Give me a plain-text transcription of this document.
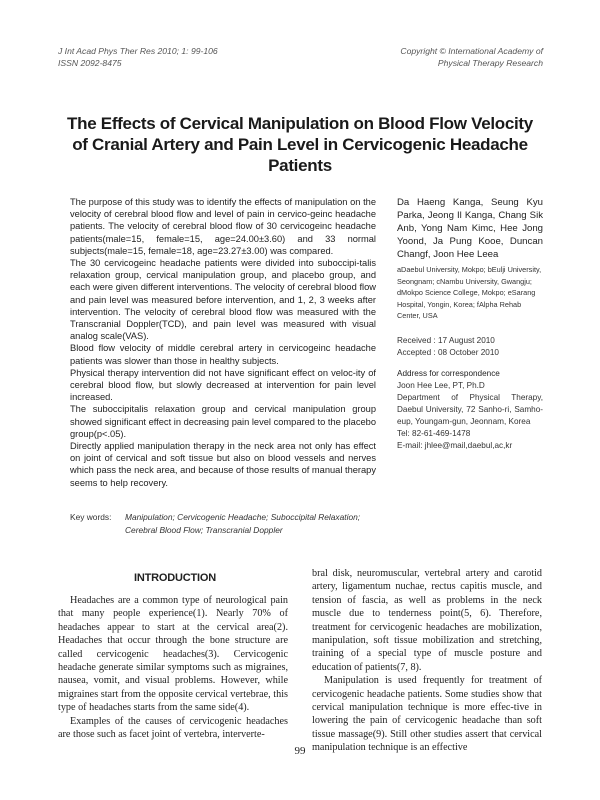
J Int Acad Phys Ther Res 2010; 1: 99-106
ISSN 2092-8475
Copyright © International Academy of
Physical Therapy Research
The Effects of Cervical Manipulation on Blood Flow Velocity of Cranial Artery and Pain Level in Cervicogenic Headache Patients

The purpose of this study was to identify the effects of manipulation on the velocity of cerebral blood flow and level of pain in cervico-geinc headache patients. The velocity of cerebral blood flow of 30 cervicogeinc headache patients(male=15, female=15, age=24.00±3.60) and 33 normal subjects(male=15, female=18, age=23.27±3.00) was compared.

The 30 cervicogeinc headache patients were divided into suboccipi-talis relaxation group, cervical manipulation group, and placebo group, and each were given different interventions. The velocity of cerebral blood flow and pain level was measured before intervention, and 1, 2, 3 weeks after intervention. The velocity of cerebral blood flow was measured with the Transcranial Doppler(TCD), and pain level was measured with visual analog scale(VAS).

Blood flow velocity of middle cerebral artery in cervicogeinc headache patients was slower than those in healthy subjects.

Physical therapy intervention did not have significant effect on veloc-ity of cerebral blood flow, but slowly decreased at intervention for pain level increased.

The suboccipitalis relaxation group and cervical manipulation group showed significant effect in decreasing pain level compared to the placebo group(p<.05).

Directly applied manipulation therapy in the neck area not only has effect on joint of cervical and soft tissue but also on blood vessels and nerves which pass the neck area, and because of those results of manual therapy seems to help recovery.

Da Haeng Kanga, Seung Kyu Parka, Jeong Il Kanga, Chang Sik Anb, Yong Nam Kimc, Hee Jong Yoond, Ja Pung Kooe, Duncan Changf, Joon Hee Leea
aDaebul University, Mokpo; bEulji University, Seongnam; cNambu University, Gwangju; dMokpo Science College, Mokpo; eSarang Hospital, Yongin, Korea; fAlpha Rehab Center, USA
Received : 17 August 2010
Accepted : 08 October 2010
Address for correspondence
Joon Hee Lee, PT, Ph.D
Department of Physical Therapy, Daebul University, 72 Sanho-ri, Samho-eup, Youngam-gun, Jeonnam, Korea
Tel: 82-61-469-1478
E-mail: jhlee@mail,daebul,ac,kr
Key words:	Manipulation; Cervicogenic Headache; Suboccipital Relaxation; Cerebral Blood Flow; Transcranial Doppler
INTRODUCTION

Headaches are a common type of neurological pain that many people experience(1). Nearly 70% of headaches appear to start at the cervical area(2). Headaches that occur through the bone structure are called cervicogenic headaches(3). Cervicogenic headache generate similar symptoms such as migraines, nausea, vomit, and visual problems. However, while migraines start from the opposite cervical vertebrae, this type of headaches starts from the same side(4).

Examples of the causes of cervicogenic headaches are those such as facet joint of vertebra, interverte-

bral disk, neuromuscular, vertebral artery and carotid artery, ligamentum nuchae, rectus capitis muscle, and tension of fascia, as well as problems in the neck muscle due to tenderness point(5, 6). Therefore, treatment for cervicogenic headaches are mobilization, manipulation, soft tissue mobilization and stretching, training of a special type of muscle posture and education of patients(7, 8).

Manipulation is used frequently for treatment of cervicogenic headache patients. Some studies show that cervical manipulation technique is more effec-tive in lowering the pain of cervicogenic headache than soft tissue massage(9). Still other studies assert that cervical manipulation technique is an effective

99
